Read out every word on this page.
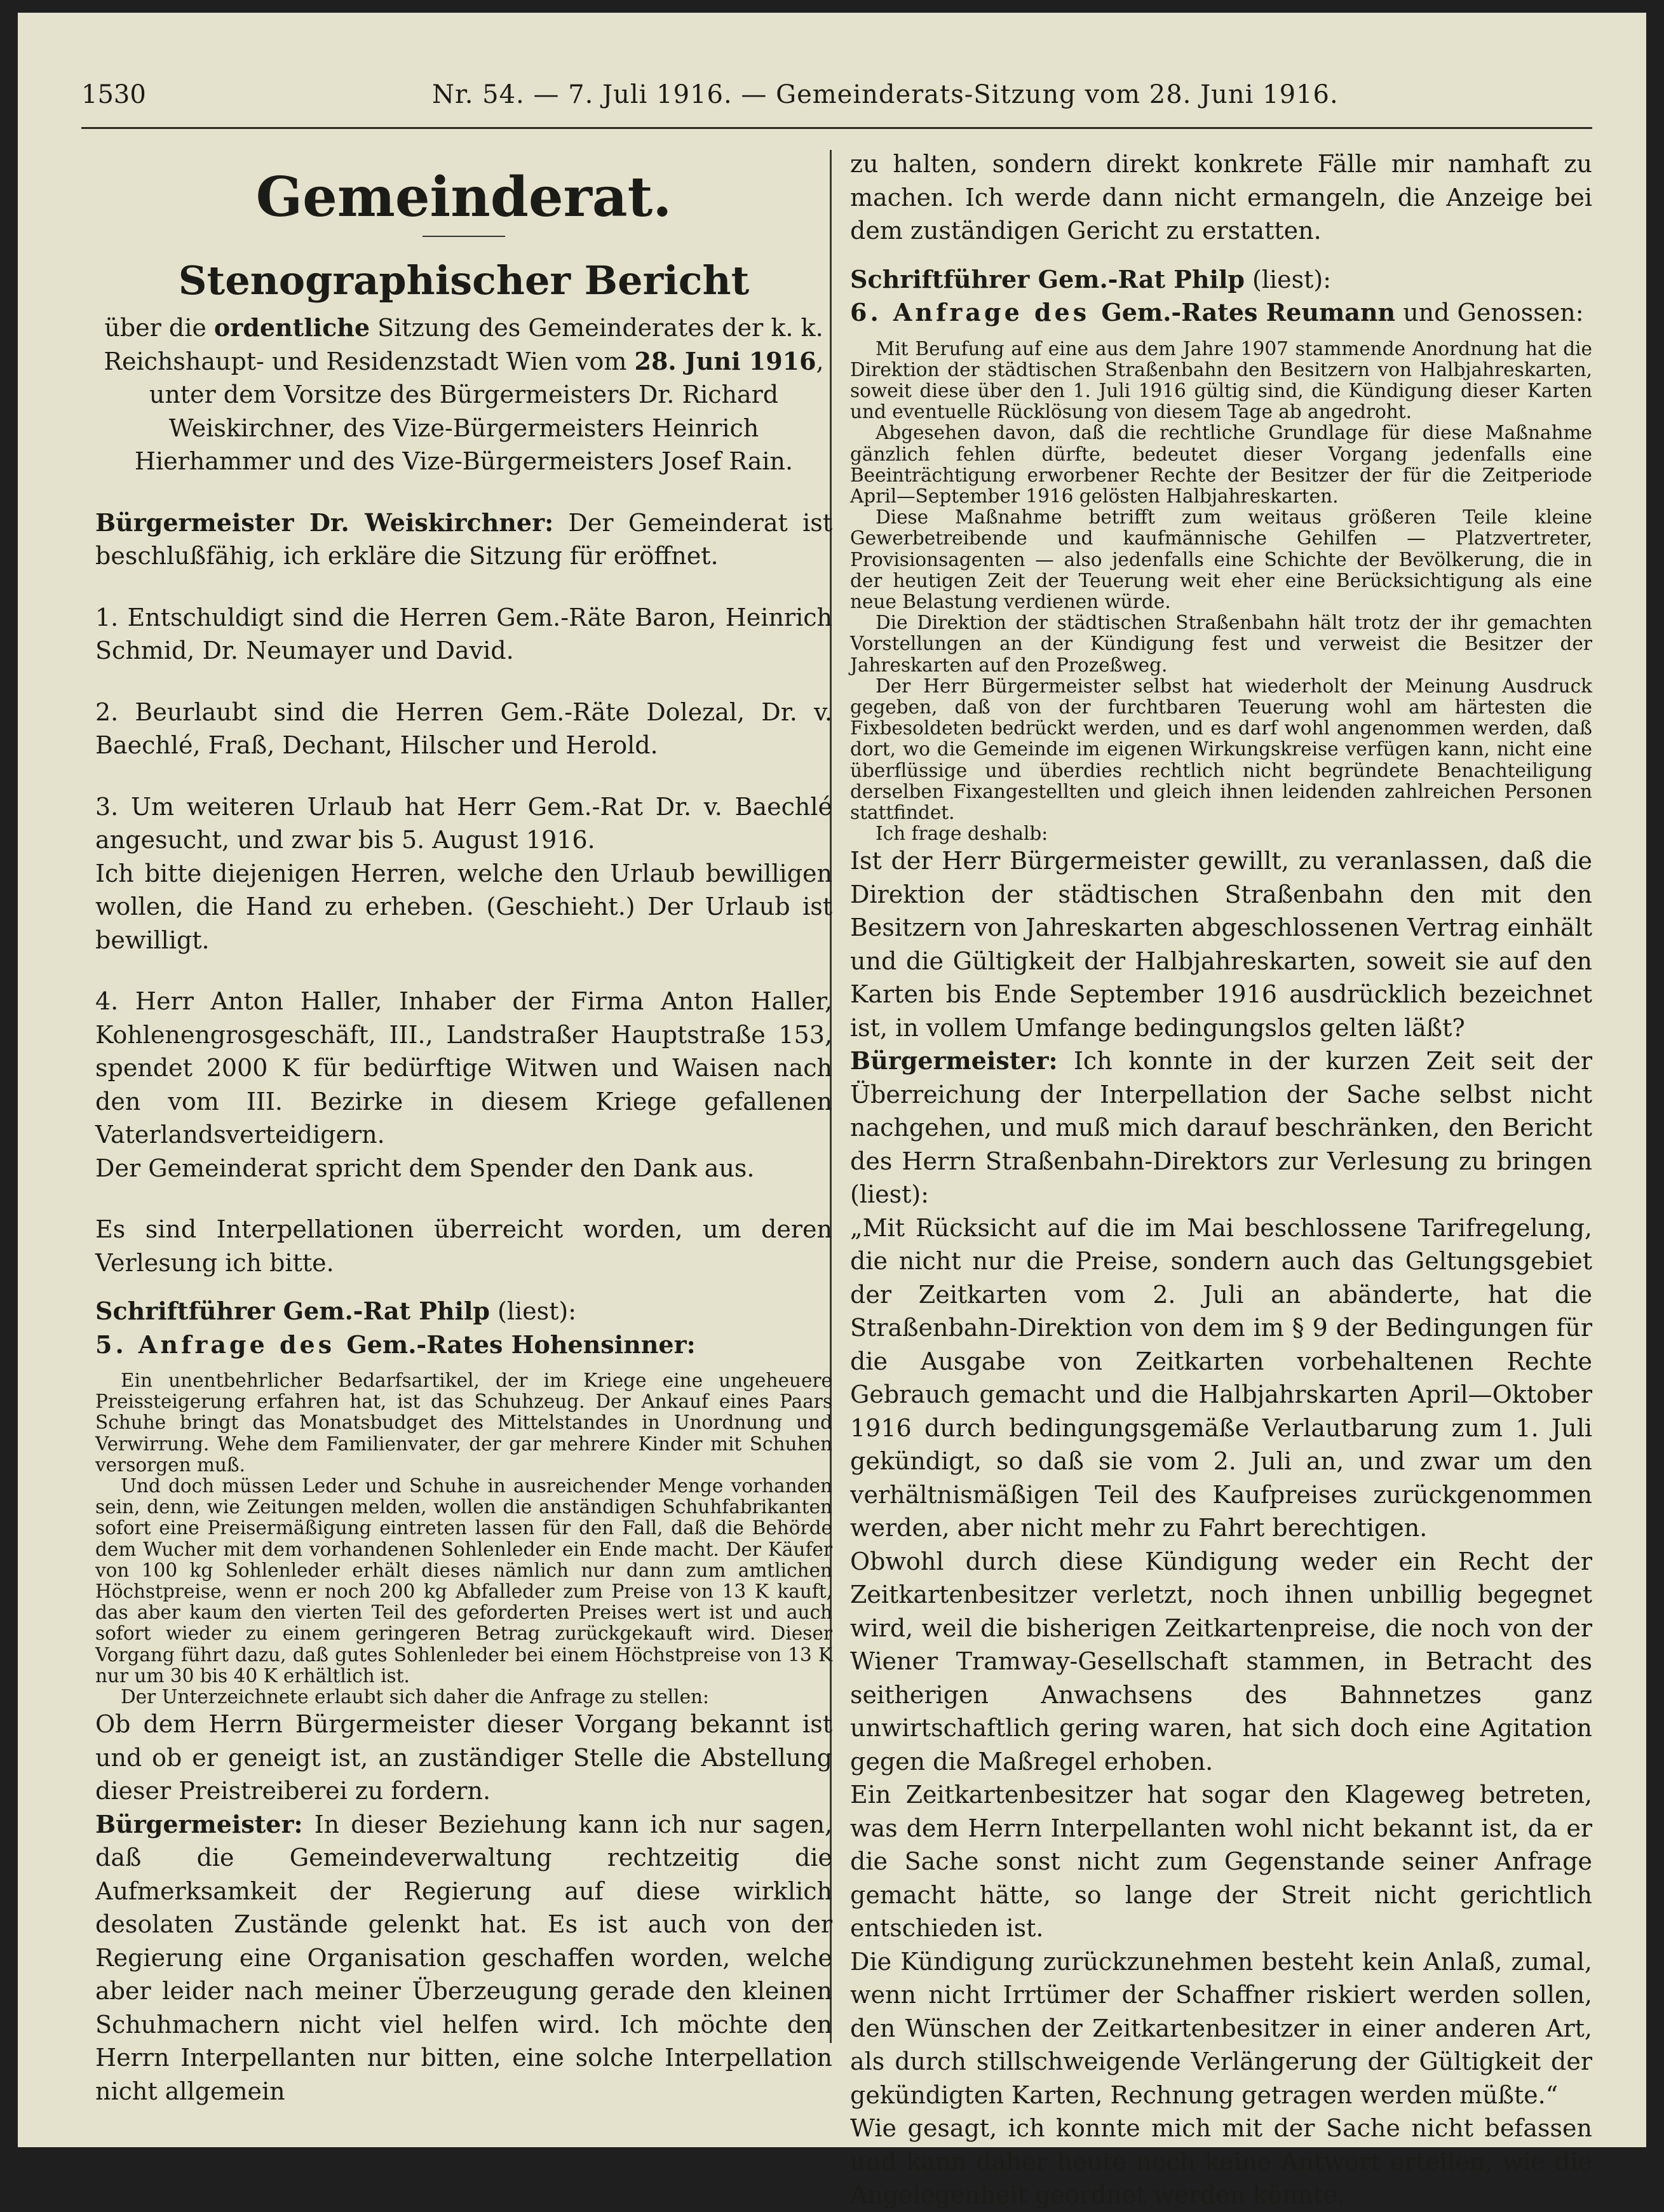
1530	Nr. 54. — 7. Juli 1916. — Gemeinderats-Sitzung vom 28. Juni 1916.
Gemeinderat.
Stenographischer Bericht

über die ordentliche Sitzung des Gemeinderates der k. k. Reichshaupt- und Residenzstadt Wien vom 28. Juni 1916, unter dem Vorsitze des Bürgermeisters Dr. Richard Weiskirchner, des Vize-Bürgermeisters Heinrich Hierhammer und des Vize-Bürgermeisters Josef Rain.

Bürgermeister Dr. Weiskirchner: Der Gemeinderat ist beschlußfähig, ich erkläre die Sitzung für eröffnet.

1. Entschuldigt sind die Herren Gem.-Räte Baron, Heinrich Schmid, Dr. Neumayer und David.

2. Beurlaubt sind die Herren Gem.-Räte Dolezal, Dr. v. Baechlé, Fraß, Dechant, Hilscher und Herold.

3. Um weiteren Urlaub hat Herr Gem.-Rat Dr. v. Baechlé angesucht, und zwar bis 5. August 1916.

Ich bitte diejenigen Herren, welche den Urlaub bewilligen wollen, die Hand zu erheben. (Geschieht.) Der Urlaub ist bewilligt.

4. Herr Anton Haller, Inhaber der Firma Anton Haller, Kohlenengrosgeschäft, III., Landstraßer Hauptstraße 153, spendet 2000 K für bedürftige Witwen und Waisen nach den vom III. Bezirke in diesem Kriege gefallenen Vaterlandsverteidigern.

Der Gemeinderat spricht dem Spender den Dank aus.

Es sind Interpellationen überreicht worden, um deren Verlesung ich bitte.

Schriftführer Gem.-Rat Philp (liest):

5. Anfrage des Gem.-Rates Hohensinner:

Ein unentbehrlicher Bedarfsartikel, der im Kriege eine ungeheuere Preissteigerung erfahren hat, ist das Schuhzeug. Der Ankauf eines Paars Schuhe bringt das Monatsbudget des Mittelstandes in Unordnung und Verwirrung. Wehe dem Familienvater, der gar mehrere Kinder mit Schuhen versorgen muß.

Und doch müssen Leder und Schuhe in ausreichender Menge vorhanden sein, denn, wie Zeitungen melden, wollen die anständigen Schuhfabrikanten sofort eine Preisermäßigung eintreten lassen für den Fall, daß die Behörde dem Wucher mit dem vorhandenen Sohlenleder ein Ende macht. Der Käufer von 100 kg Sohlenleder erhält dieses nämlich nur dann zum amtlichen Höchstpreise, wenn er noch 200 kg Abfalleder zum Preise von 13 K kauft, das aber kaum den vierten Teil des geforderten Preises wert ist und auch sofort wieder zu einem geringeren Betrag zurückgekauft wird. Dieser Vorgang führt dazu, daß gutes Sohlenleder bei einem Höchstpreise von 13 K nur um 30 bis 40 K erhältlich ist.

Der Unterzeichnete erlaubt sich daher die Anfrage zu stellen:

Ob dem Herrn Bürgermeister dieser Vorgang bekannt ist und ob er geneigt ist, an zuständiger Stelle die Abstellung dieser Preistreiberei zu fordern.

Bürgermeister: In dieser Beziehung kann ich nur sagen, daß die Gemeindeverwaltung rechtzeitig die Aufmerksamkeit der Regierung auf diese wirklich desolaten Zustände gelenkt hat. Es ist auch von der Regierung eine Organisation geschaffen worden, welche aber leider nach meiner Überzeugung gerade den kleinen Schuhmachern nicht viel helfen wird. Ich möchte den Herrn Interpellanten nur bitten, eine solche Interpellation nicht allgemein

zu halten, sondern direkt konkrete Fälle mir namhaft zu machen. Ich werde dann nicht ermangeln, die Anzeige bei dem zuständigen Gericht zu erstatten.

Schriftführer Gem.-Rat Philp (liest):

6. Anfrage des Gem.-Rates Reumann und Genossen:

Mit Berufung auf eine aus dem Jahre 1907 stammende Anordnung hat die Direktion der städtischen Straßenbahn den Besitzern von Halbjahreskarten, soweit diese über den 1. Juli 1916 gültig sind, die Kündigung dieser Karten und eventuelle Rücklösung von diesem Tage ab angedroht.

Abgesehen davon, daß die rechtliche Grundlage für diese Maßnahme gänzlich fehlen dürfte, bedeutet dieser Vorgang jedenfalls eine Beeinträchtigung erworbener Rechte der Besitzer der für die Zeitperiode April—September 1916 gelösten Halbjahreskarten.

Diese Maßnahme betrifft zum weitaus größeren Teile kleine Gewerbetreibende und kaufmännische Gehilfen — Platzvertreter, Provisionsagenten — also jedenfalls eine Schichte der Bevölkerung, die in der heutigen Zeit der Teuerung weit eher eine Berücksichtigung als eine neue Belastung verdienen würde.

Die Direktion der städtischen Straßenbahn hält trotz der ihr gemachten Vorstellungen an der Kündigung fest und verweist die Besitzer der Jahreskarten auf den Prozeßweg.

Der Herr Bürgermeister selbst hat wiederholt der Meinung Ausdruck gegeben, daß von der furchtbaren Teuerung wohl am härtesten die Fixbesoldeten bedrückt werden, und es darf wohl angenommen werden, daß dort, wo die Gemeinde im eigenen Wirkungskreise verfügen kann, nicht eine überflüssige und überdies rechtlich nicht begründete Benachteiligung derselben Fixangestellten und gleich ihnen leidenden zahlreichen Personen stattfindet.

Ich frage deshalb:

Ist der Herr Bürgermeister gewillt, zu veranlassen, daß die Direktion der städtischen Straßenbahn den mit den Besitzern von Jahreskarten abgeschlossenen Vertrag einhält und die Gültigkeit der Halbjahreskarten, soweit sie auf den Karten bis Ende September 1916 ausdrücklich bezeichnet ist, in vollem Umfange bedingungslos gelten läßt?

Bürgermeister: Ich konnte in der kurzen Zeit seit der Überreichung der Interpellation der Sache selbst nicht nachgehen, und muß mich darauf beschränken, den Bericht des Herrn Straßenbahn-Direktors zur Verlesung zu bringen (liest):

„Mit Rücksicht auf die im Mai beschlossene Tarifregelung, die nicht nur die Preise, sondern auch das Geltungsgebiet der Zeitkarten vom 2. Juli an abänderte, hat die Straßenbahn-Direktion von dem im § 9 der Bedingungen für die Ausgabe von Zeitkarten vorbehaltenen Rechte Gebrauch gemacht und die Halbjahrskarten April—Oktober 1916 durch bedingungsgemäße Verlautbarung zum 1. Juli gekündigt, so daß sie vom 2. Juli an, und zwar um den verhältnismäßigen Teil des Kaufpreises zurückgenommen werden, aber nicht mehr zu Fahrt berechtigen.

Obwohl durch diese Kündigung weder ein Recht der Zeitkartenbesitzer verletzt, noch ihnen unbillig begegnet wird, weil die bisherigen Zeitkartenpreise, die noch von der Wiener Tramway-Gesellschaft stammen, in Betracht des seitherigen Anwachsens des Bahnnetzes ganz unwirtschaftlich gering waren, hat sich doch eine Agitation gegen die Maßregel erhoben.

Ein Zeitkartenbesitzer hat sogar den Klageweg betreten, was dem Herrn Interpellanten wohl nicht bekannt ist, da er die Sache sonst nicht zum Gegenstande seiner Anfrage gemacht hätte, so lange der Streit nicht gerichtlich entschieden ist.

Die Kündigung zurückzunehmen besteht kein Anlaß, zumal, wenn nicht Irrtümer der Schaffner riskiert werden sollen, den Wünschen der Zeitkartenbesitzer in einer anderen Art, als durch stillschweigende Verlängerung der Gültigkeit der gekündigten Karten, Rechnung getragen werden müßte.“

Wie gesagt, ich konnte mich mit der Sache nicht befassen und kann daher heute noch keine Antwort erteilen, wie die Angelegenheit geordnet werden könnte.
